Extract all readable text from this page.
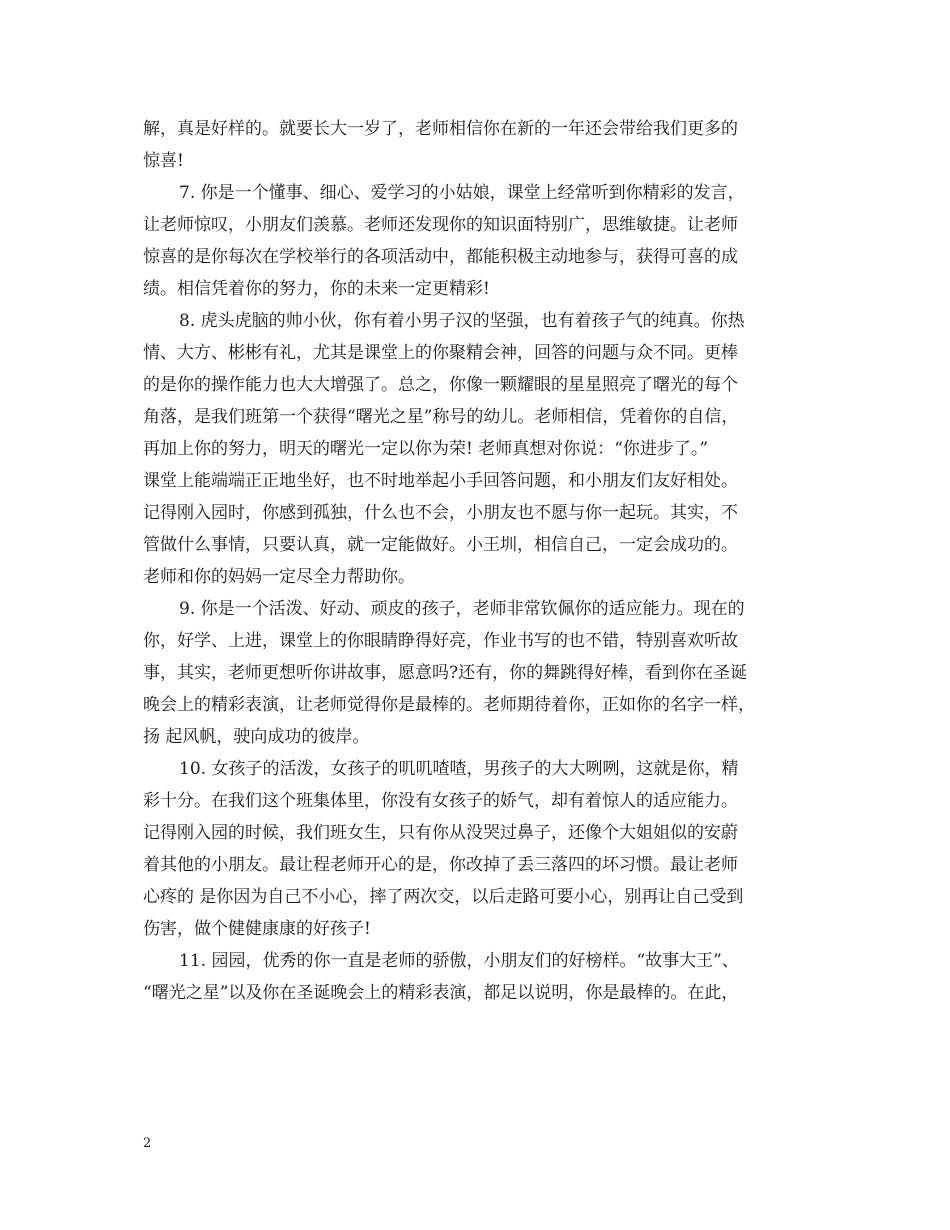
解，真是好样的。就要长大一岁了，老师相信你在新的一年还会带给我们更多的
惊喜!
7. 你是一个懂事、细心、爱学习的小姑娘，课堂上经常听到你精彩的发言，
让老师惊叹，小朋友们羡慕。老师还发现你的知识面特别广，思维敏捷。让老师
惊喜的是你每次在学校举行的各项活动中，都能积极主动地参与，获得可喜的成
绩。相信凭着你的努力，你的未来一定更精彩!
8. 虎头虎脑的帅小伙，你有着小男子汉的坚强，也有着孩子气的纯真。你热
情、大方、彬彬有礼，尤其是课堂上的你聚精会神，回答的问题与众不同。更棒
的是你的操作能力也大大增强了。总之，你像一颗耀眼的星星照亮了曙光的每个
角落，是我们班第一个获得“曙光之星”称号的幼儿。老师相信，凭着你的自信，
再加上你的努力，明天的曙光一定以你为荣! 老师真想对你说：“你进步了。”
课堂上能端端正正地坐好，也不时地举起小手回答问题，和小朋友们友好相处。
记得刚入园时，你感到孤独，什么也不会，小朋友也不愿与你一起玩。其实，不
管做什么事情，只要认真，就一定能做好。小王圳，相信自己，一定会成功的。
老师和你的妈妈一定尽全力帮助你。
9. 你是一个活泼、好动、顽皮的孩子，老师非常钦佩你的适应能力。现在的
你，好学、上进，课堂上的你眼睛睁得好亮，作业书写的也不错，特别喜欢听故
事，其实，老师更想听你讲故事，愿意吗?还有，你的舞跳得好棒，看到你在圣诞
晚会上的精彩表演，让老师觉得你是最棒的。老师期待着你，正如你的名字一样，
扬 起风帆，驶向成功的彼岸。
10. 女孩子的活泼，女孩子的叽叽喳喳，男孩子的大大咧咧，这就是你，精
彩十分。在我们这个班集体里，你没有女孩子的娇气，却有着惊人的适应能力。
记得刚入园的时候，我们班女生，只有你从没哭过鼻子，还像个大姐姐似的安蔚
着其他的小朋友。最让程老师开心的是，你改掉了丢三落四的坏习惯。最让老师
心疼的 是你因为自己不小心，摔了两次交，以后走路可要小心，别再让自己受到
伤害，做个健健康康的好孩子!
11. 园园，优秀的你一直是老师的骄傲，小朋友们的好榜样。“故事大王”、
“曙光之星”以及你在圣诞晚会上的精彩表演，都足以说明，你是最棒的。在此，
2
